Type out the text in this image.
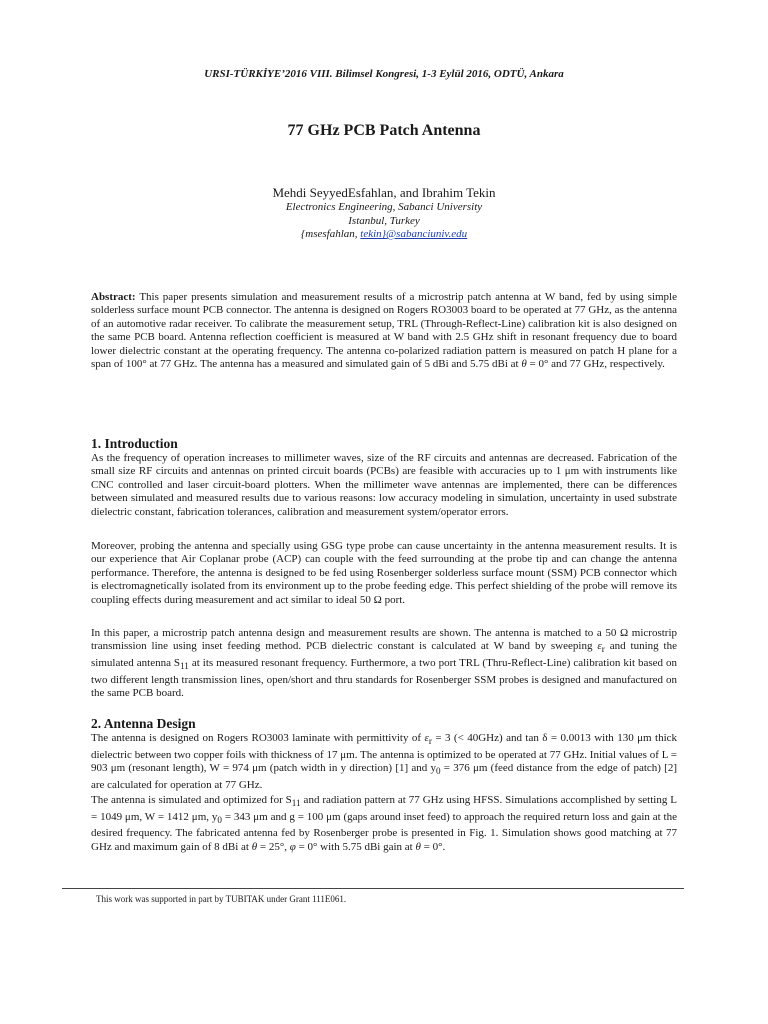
URSI-TÜRKİYE’2016 VIII. Bilimsel Kongresi, 1-3 Eylül 2016, ODTÜ, Ankara
77 GHz PCB Patch Antenna
Mehdi SeyyedEsfahlan, and Ibrahim Tekin
Electronics Engineering, Sabanci University
Istanbul, Turkey
{msesfahlan, tekin}@sabanciuniv.edu

Abstract: This paper presents simulation and measurement results of a microstrip patch antenna at W band, fed by using simple solderless surface mount PCB connector. The antenna is designed on Rogers RO3003 board to be operated at 77 GHz, as the antenna of an automotive radar receiver. To calibrate the measurement setup, TRL (Through-Reflect-Line) calibration kit is also designed on the same PCB board. Antenna reflection coefficient is measured at W band with 2.5 GHz shift in resonant frequency due to board lower dielectric constant at the operating frequency. The antenna co-polarized radiation pattern is measured on patch H plane for a span of 100° at 77 GHz. The antenna has a measured and simulated gain of 5 dBi and 5.75 dBi at θ = 0° and 77 GHz, respectively.

1. Introduction

As the frequency of operation increases to millimeter waves, size of the RF circuits and antennas are decreased. Fabrication of the small size RF circuits and antennas on printed circuit boards (PCBs) are feasible with accuracies up to 1 μm with instruments like CNC controlled and laser circuit-board plotters. When the millimeter wave antennas are implemented, there can be differences between simulated and measured results due to various reasons: low accuracy modeling in simulation, uncertainty in used substrate dielectric constant, fabrication tolerances, calibration and measurement system/operator errors.

Moreover, probing the antenna and specially using GSG type probe can cause uncertainty in the antenna measurement results. It is our experience that Air Coplanar probe (ACP) can couple with the feed surrounding at the probe tip and can change the antenna performance. Therefore, the antenna is designed to be fed using Rosenberger solderless surface mount (SSM) PCB connector which is electromagnetically isolated from its environment up to the probe feeding edge. This perfect shielding of the probe will remove its coupling effects during measurement and act similar to ideal 50 Ω port.

In this paper, a microstrip patch antenna design and measurement results are shown. The antenna is matched to a 50 Ω microstrip transmission line using inset feeding method. PCB dielectric constant is calculated at W band by sweeping $\varepsilon_r$ and tuning the simulated antenna $S_{11}$ at its measured resonant frequency. Furthermore, a two port TRL (Thru-Reflect-Line) calibration kit based on two different length transmission lines, open/short and thru standards for Rosenberger SSM probes is designed and manufactured on the same PCB board.

2. Antenna Design

The antenna is designed on Rogers RO3003 laminate with permittivity of $\varepsilon_r = 3$ (< 40GHz) and tan δ = 0.0013 with 130 μm thick dielectric between two copper foils with thickness of 17 μm. The antenna is optimized to be operated at 77 GHz. Initial values of L = 903 μm (resonant length), W = 974 μm (patch width in y direction) [1] and $y_0 = 376$ μm (feed distance from the edge of patch) [2] are calculated for operation at 77 GHz.

The antenna is simulated and optimized for $S_{11}$ and radiation pattern at 77 GHz using HFSS. Simulations accomplished by setting L = 1049 μm, W = 1412 μm, $y_0 = 343$ μm and g = 100 μm (gaps around inset feed) to approach the required return loss and gain at the desired frequency. The fabricated antenna fed by Rosenberger probe is presented in Fig. 1. Simulation shows good matching at 77 GHz and maximum gain of 8 dBi at θ = 25°, φ = 0° with 5.75 dBi gain at θ = 0°.

This work was supported in part by TUBITAK under Grant 111E061.
